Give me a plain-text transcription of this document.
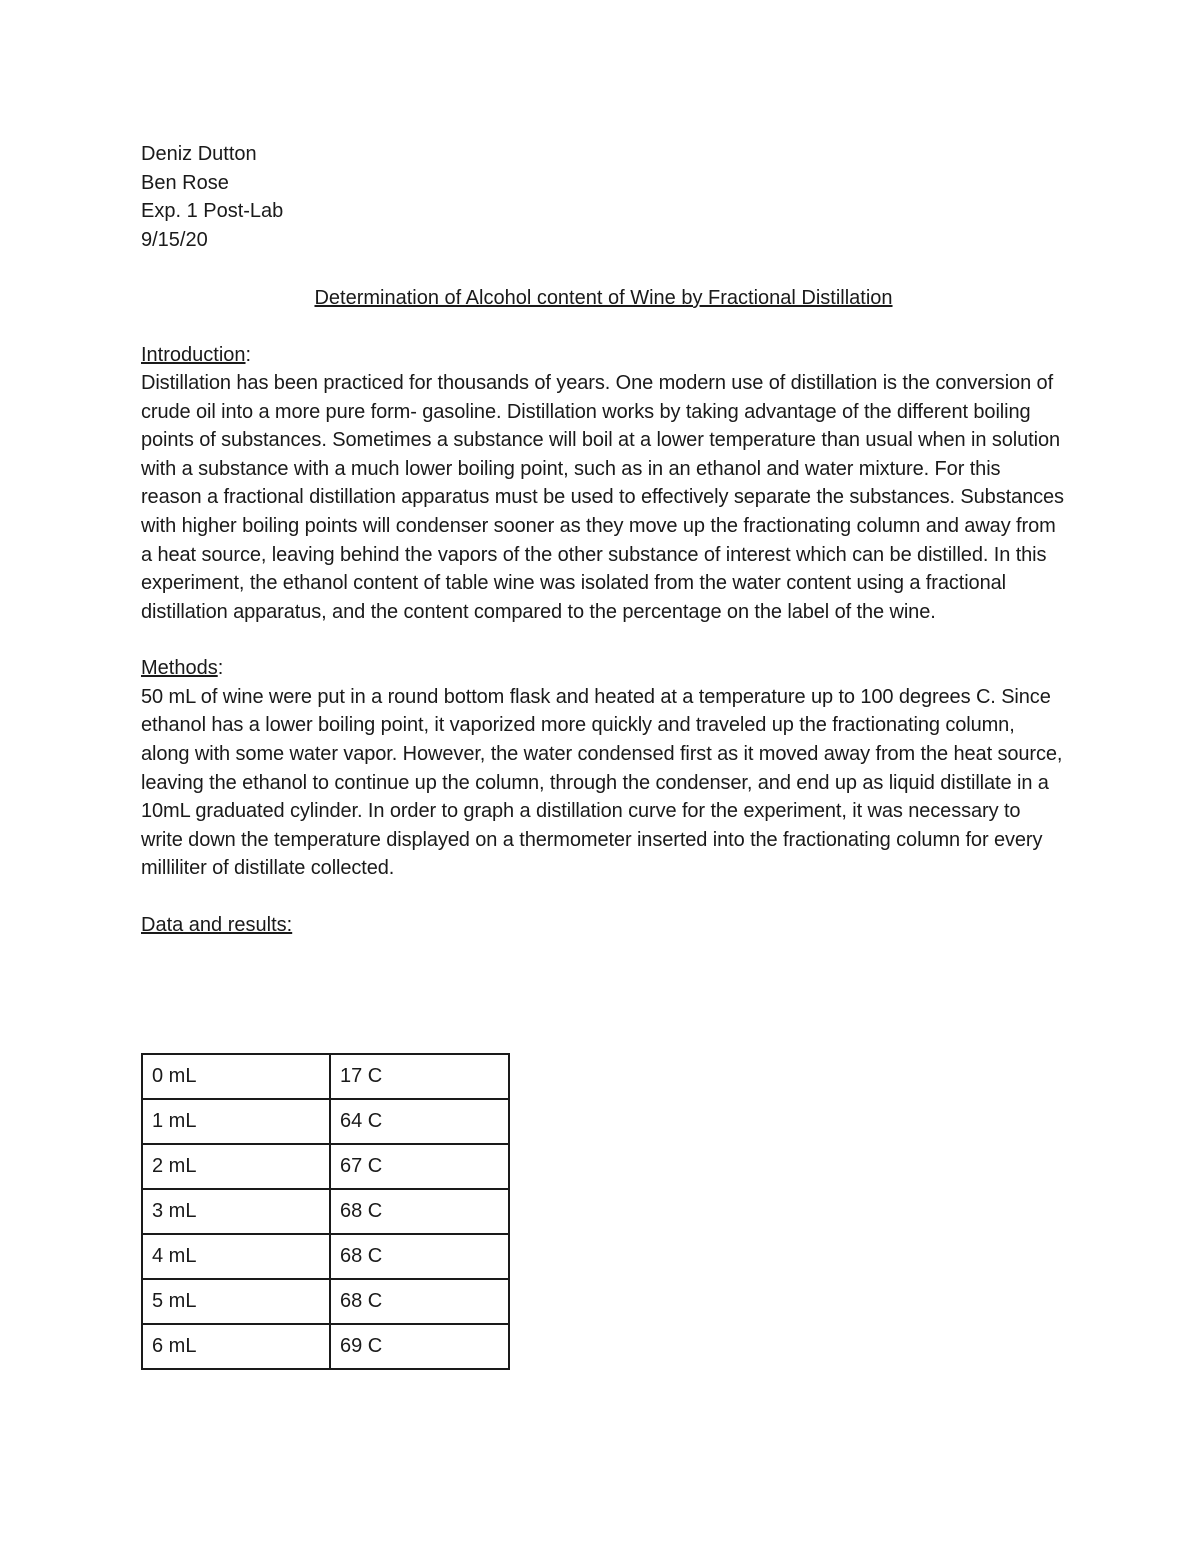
Deniz Dutton
Ben Rose
Exp. 1 Post-Lab
9/15/20
Determination of Alcohol content of Wine by Fractional Distillation
Introduction:

Distillation has been practiced for thousands of years. One modern use of distillation is the conversion of crude oil into a more pure form- gasoline. Distillation works by taking advantage of the different boiling points of substances. Sometimes a substance will boil at a lower temperature than usual when in solution with a substance with a much lower boiling point, such as in an ethanol and water mixture. For this reason a fractional distillation apparatus must be used to effectively separate the substances. Substances with higher boiling points will condenser sooner as they move up the fractionating column and away from a heat source, leaving behind the vapors of the other substance of interest which can be distilled. In this experiment, the ethanol content of table wine was isolated from the water content using a fractional distillation apparatus, and the content compared to the percentage on the label of the wine.

Methods:

50 mL of wine were put in a round bottom flask and heated at a temperature up to 100 degrees C. Since ethanol has a lower boiling point, it vaporized more quickly and traveled up the fractionating column, along with some water vapor. However, the water condensed first as it moved away from the heat source, leaving the ethanol to continue up the column, through the condenser, and end up as liquid distillate in a 10mL graduated cylinder. In order to graph a distillation curve for the experiment, it was necessary to write down the temperature displayed on a thermometer inserted into the fractionating column for every milliliter of distillate collected.

Data and results:
0 mL	17 C
1 mL	64 C
2 mL	67 C
3 mL	68 C
4 mL	68 C
5 mL	68 C
6 mL	69 C
